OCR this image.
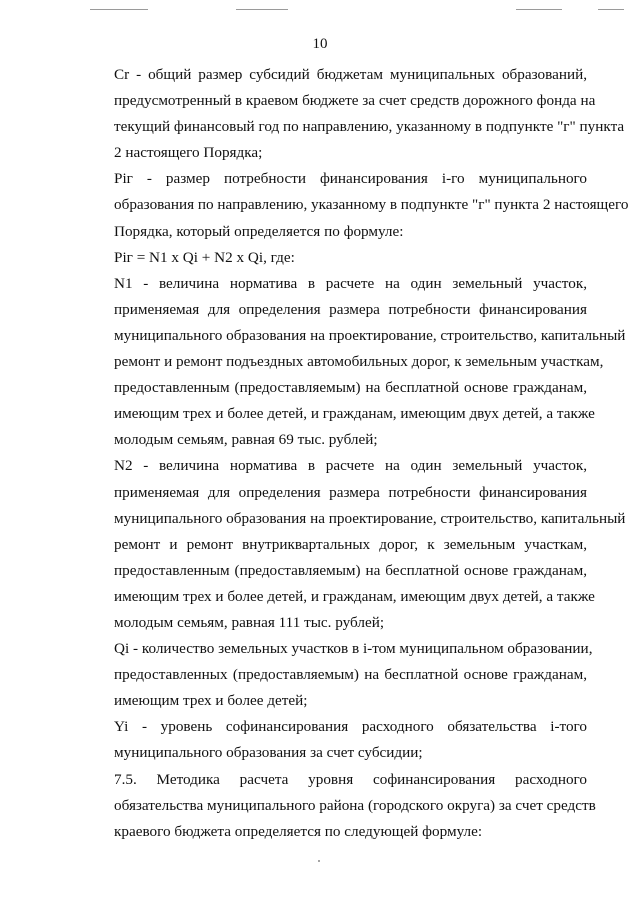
10

Cr - общий размер субсидий бюджетам муниципальных образований,
предусмотренный в краевом бюджете за счет средств дорожного фонда на
текущий финансовый год по направлению, указанному в подпункте "г" пункта
2 настоящего Порядка;

Piг - размер потребности финансирования i-го муниципального
образования по направлению, указанному в подпункте "г" пункта 2 настоящего
Порядка, который определяется по формуле:

Piг = N1 x Qi + N2 x Qi, где:

N1 - величина норматива в расчете на один земельный участок,
применяемая для определения размера потребности финансирования
муниципального образования на проектирование, строительство, капитальный
ремонт и ремонт подъездных автомобильных дорог, к земельным участкам,
предоставленным (предоставляемым) на бесплатной основе гражданам,
имеющим трех и более детей, и гражданам, имеющим двух детей, а также
молодым семьям, равная 69 тыс. рублей;

N2 - величина норматива в расчете на один земельный участок,
применяемая для определения размера потребности финансирования
муниципального образования на проектирование, строительство, капитальный
ремонт и ремонт внутриквартальных дорог, к земельным участкам,
предоставленным (предоставляемым) на бесплатной основе гражданам,
имеющим трех и более детей, и гражданам, имеющим двух детей, а также
молодым семьям, равная 111 тыс. рублей;

Qi - количество земельных участков в i-том муниципальном образовании,
предоставленных (предоставляемым) на бесплатной основе гражданам,
имеющим трех и более детей;

Yi - уровень софинансирования расходного обязательства i-того
муниципального образования за счет субсидии;

7.5. Методика расчета уровня софинансирования расходного
обязательства муниципального района (городского округа) за счет средств
краевого бюджета определяется по следующей формуле:
